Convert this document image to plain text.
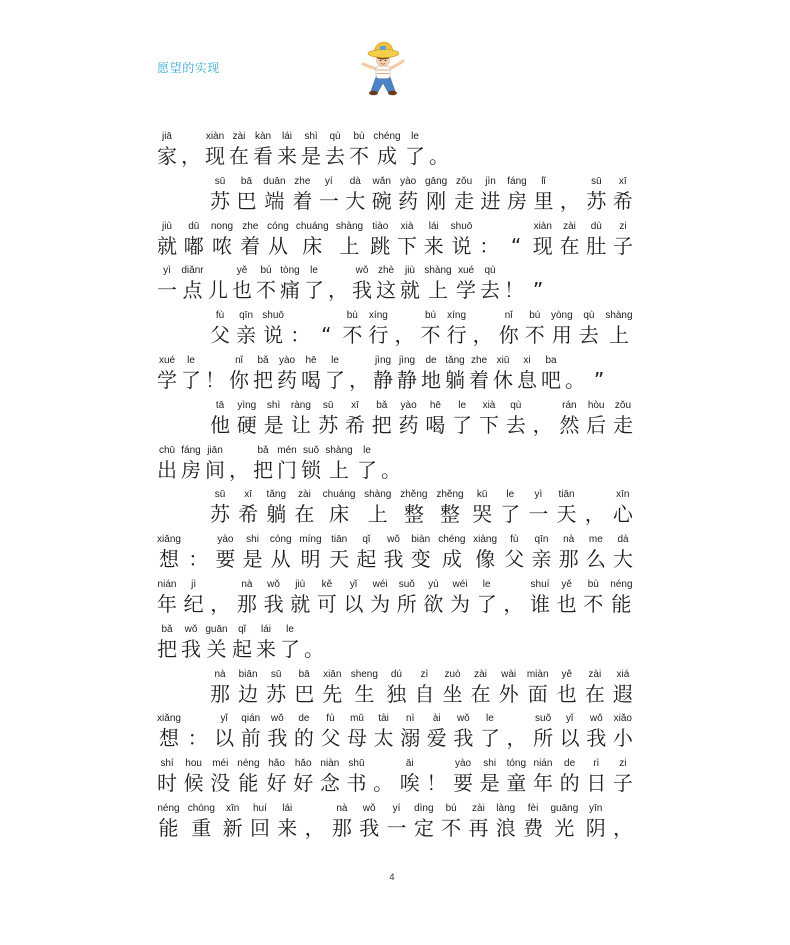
愿望的实现
jiā	xiàn zài kàn	lái	shì	qù	bù chéng	le
家 ， 现 在 看 来 是 去 不 成 了 。
sū	bā	duān zhe	yí	dà	wǎn yào gāng zǒu	jìn	fáng	lǐ	sū	xī
苏 巴 端 着 一 大 碗 药 刚 走 进 房 里 ， 苏 希
jiù	dū	nong zhe cóng chuáng shàng tiào	xià	lái	shuō	xiàn	zài	dù	zi
就 嘟 哝 着 从 床 上 跳 下 来 说 ： “ 现 在 肚 子
yì	diǎnr	yě	bú tòng	le	wǒ zhè	jiù shàng xué	qù
一 点 儿 也 不 痛 了 ， 我 这 就 上 学 去 ！ ”
fù	qīn shuō	bù	xíng	bù	xíng	nǐ	bú	yòng	qù	shàng
父 亲 说 ： “ 不 行 ， 不 行 ， 你 不 用 去 上
xué	le	nǐ	bǎ	yào	hē	le	jìng jìng	de tǎng zhe xiū	xi	ba
学 了 ！ 你 把 药 喝 了 ， 静 静 地 躺 着 休 息 吧 。 ”
tā	yìng	shì	ràng	sū	xī	bǎ	yào	hē	le	xià	qù	rán hòu zǒu
他 硬 是 让 苏 希 把 药 喝 了 下 去 ， 然 后 走
chū fáng jiān	bǎ mén suǒ shàng	le
出 房 间 ， 把 门 锁 上 了 。
sū	xī	tǎng	zài	chuáng shàng zhěng zhěng	kū	le	yì	tiān	xīn
苏 希 躺 在 床 上 整 整 哭 了 一 天 ， 心
xiǎng	yào	shi	cóng míng tiān	qǐ	wǒ	biàn chéng xiàng	fù	qīn	nà	me	dà
想 ： 要 是 从 明 天 起 我 变 成 像 父 亲 那 么 大
nián	jì	nà	wǒ	jiù	kě	yǐ	wéi suǒ	yù	wéi	le	shuí	yě	bù	néng
年 纪 ， 那 我 就 可 以 为 所 欲 为 了 ， 谁 也 不 能
bǎ	wǒ guān	qǐ	lái	le
把 我 关 起 来 了 。
nà	biān	sū	bā	xiān sheng	dú	zì	zuò	zài	wài miàn	yě	zài	xiá
那 边 苏 巴 先 生 独 自 坐 在 外 面 也 在 遐
xiǎng	yǐ	qián	wǒ	de	fù	mǔ	tài	nì	ài	wǒ	le	suǒ	yǐ	wǒ	xiǎo
想 ： 以 前 我 的 父 母 太 溺 爱 我 了 ， 所 以 我 小
shí	hou méi néng hǎo hǎo niàn shū	āi	yào	shi	tóng nián	de	rì	zi
时 候 没 能 好 好 念 书 。 唉 ！ 要 是 童 年 的 日 子
néng chóng	xīn	huí	lái	nà	wǒ	yí	dìng	bú	zài	làng	fèi	guāng	yīn
能 重 新 回 来 ， 那 我 一 定 不 再 浪 费 光 阴 ，
4
